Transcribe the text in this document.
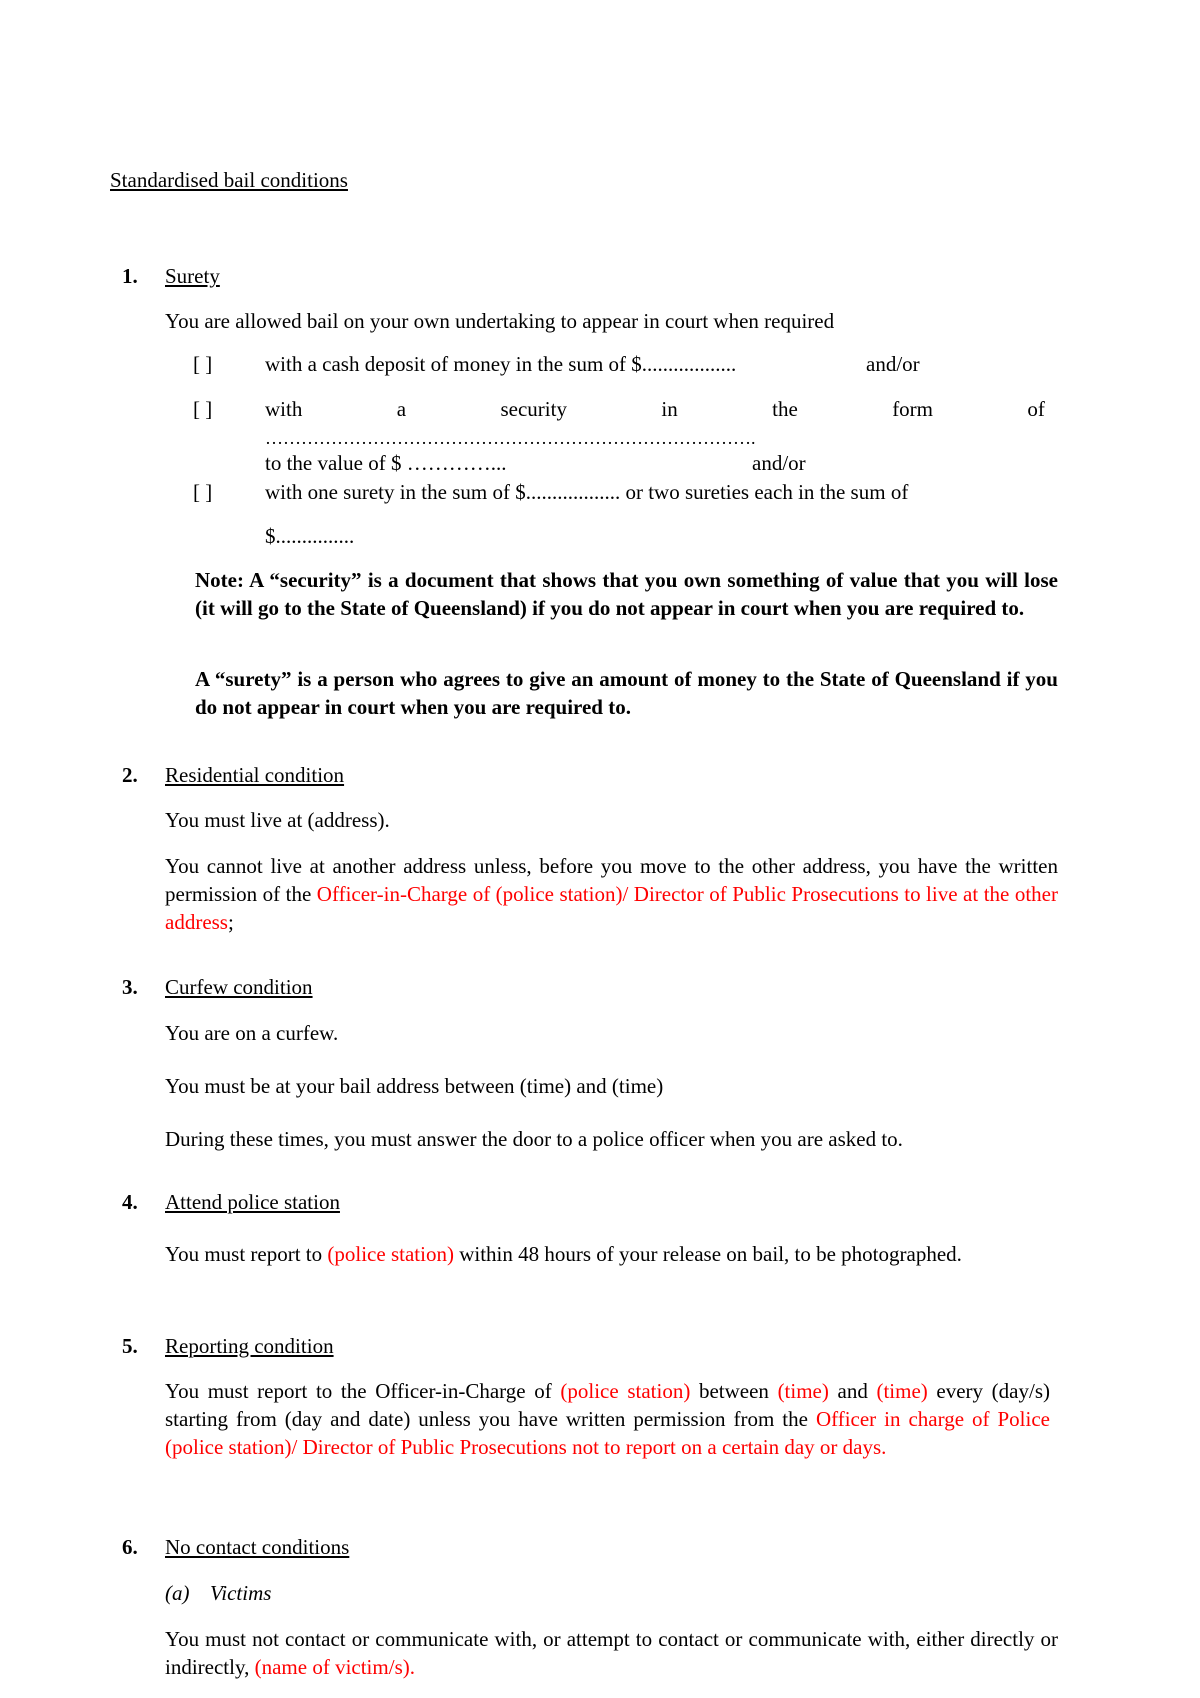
Standardised bail conditions
1. Surety
You are allowed bail on your own undertaking to appear in court when required
[ ]	with a cash deposit of money in the sum of $..................	and/or
[ ]	with	a	security	in	the	form	of
……………………………………………………………………….
to the value of $ …………...	and/or
[ ]	with one surety in the sum of $.................. or two sureties each in the sum of
$...............
Note: A “security” is a document that shows that you own something of value that you will lose (it will go to the State of Queensland) if you do not appear in court when you are required to.
A “surety” is a person who agrees to give an amount of money to the State of Queensland if you do not appear in court when you are required to.
2. Residential condition
You must live at (address).
You cannot live at another address unless, before you move to the other address, you have the written permission of the Officer-in-Charge of (police station)/ Director of Public Prosecutions to live at the other address;
3. Curfew condition
You are on a curfew.
You must be at your bail address between (time) and (time)
During these times, you must answer the door to a police officer when you are asked to.
4. Attend police station
You must report to (police station) within 48 hours of your release on bail, to be photographed.
5. Reporting condition
You must report to the Officer-in-Charge of (police station) between (time) and (time) every (day/s) starting from (day and date) unless you have written permission from the Officer in charge of Police (police station)/ Director of Public Prosecutions not to report on a certain day or days.
6. No contact conditions
(a) Victims
You must not contact or communicate with, or attempt to contact or communicate with, either directly or indirectly, (name of victim/s).
